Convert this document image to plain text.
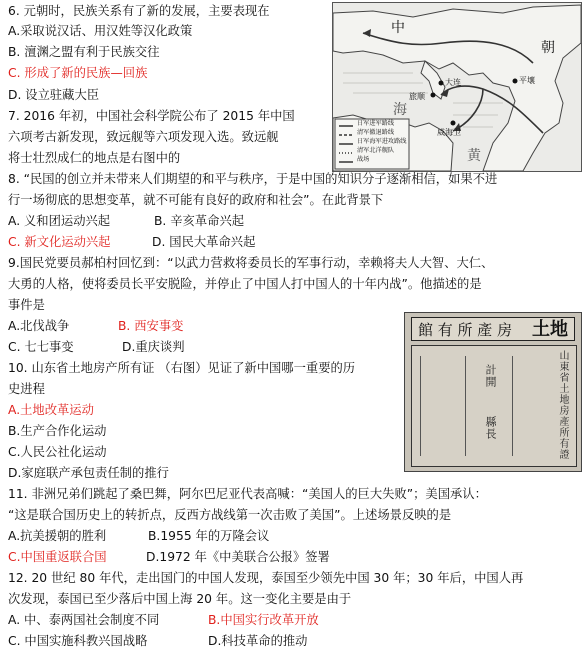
6. 元朝时，民族关系有了新的发展，主要表现在
A.采取说汉话、用汉姓等汉化政策
B. 澶渊之盟有利于民族交往
C. 形成了新的民族—回族
D. 设立驻藏大臣
7. 2016 年初，中国社会科学院公布了 2015 年中国
六项考古新发现，致远舰等六项发现入选。致远舰
将士壮烈成仁的地点是右图中的
中
朝
旅顺
大连
威海卫
平壤
海
黄
日军进军路线
清军撤退路线
日军海军进攻路线
清军北洋舰队
战场
8. “民国的创立并未带来人们期望的和平与秩序，于是中国的知识分子逐渐相信，如果不进
行一场彻底的思想变革，就不可能有良好的政府和社会”。在此背景下
A. 义和团运动兴起	B. 辛亥革命兴起
C. 新文化运动兴起	D. 国民大革命兴起
9.国民党要员郝柏村回忆到：“以武力营救将委员长的军事行动，幸赖将夫人大智、大仁、
大勇的人格，使将委员长平安脱险，并停止了中国人打中国人的十年内战”。他描述的是
事件是
A.北伐战争	B. 西安事变
C. 七七事变	D.重庆谈判
10. 山东省土地房产所有证 （右图）见证了新中国哪一重要的历
史进程
A.土地改革运动
B.生产合作化运动
C.人民公社化运动
D.家庭联产承包责任制的推行
館 有 所 產 房 土地
山東省土地房產所有證
計開
縣長
11. 非洲兄弟们跳起了桑巴舞，阿尔巴尼亚代表高喊：“美国人的巨大失败”；美国承认：
“这是联合国历史上的转折点，反西方战线第一次击败了美国”。上述场景反映的是
A.抗美援朝的胜利	B.1955 年的万隆会议
C.中国重返联合国	D.1972 年《中美联合公报》签署
12. 20 世纪 80 年代，走出国门的中国人发现，泰国至少领先中国 30 年；30 年后，中国人再
次发现，泰国已至少落后中国上海 20 年。这一变化主要是由于
A. 中、泰两国社会制度不同	B.中国实行改革开放
C. 中国实施科教兴国战略	D.科技革命的推动
